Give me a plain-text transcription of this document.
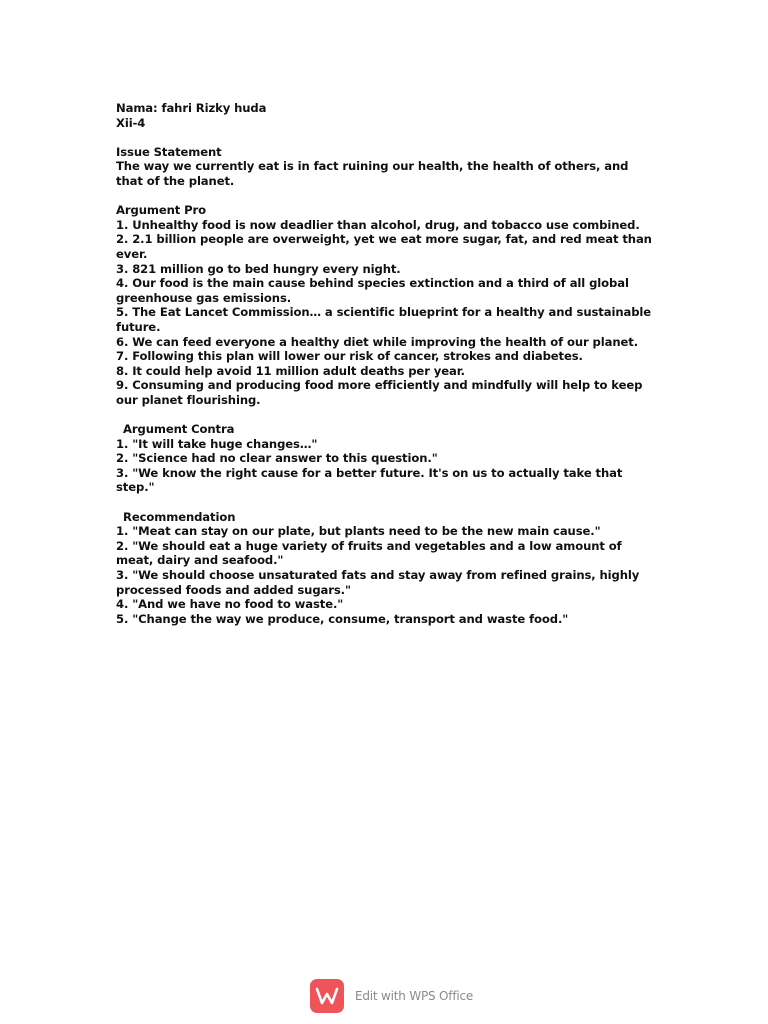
Nama: fahri Rizky huda

Xii-4

Issue Statement

The way we currently eat is in fact ruining our health, the health of others, and that of the planet.

Argument Pro

1. Unhealthy food is now deadlier than alcohol, drug, and tobacco use combined.

2. 2.1 billion people are overweight, yet we eat more sugar, fat, and red meat than ever.

3. 821 million go to bed hungry every night.

4. Our food is the main cause behind species extinction and a third of all global greenhouse gas emissions.

5. The Eat Lancet Commission… a scientific blueprint for a healthy and sustainable future.

6. We can feed everyone a healthy diet while improving the health of our planet.

7. Following this plan will lower our risk of cancer, strokes and diabetes.

8. It could help avoid 11 million adult deaths per year.

9. Consuming and producing food more efficiently and mindfully will help to keep our planet flourishing.

Argument Contra

1. "It will take huge changes…"

2. "Science had no clear answer to this question."

3. "We know the right cause for a better future. It's on us to actually take that step."

Recommendation

1. "Meat can stay on our plate, but plants need to be the new main cause."

2. "We should eat a huge variety of fruits and vegetables and a low amount of meat, dairy and seafood."

3. "We should choose unsaturated fats and stay away from refined grains, highly processed foods and added sugars."

4. "And we have no food to waste."

5. "Change the way we produce, consume, transport and waste food."

Edit with WPS Office
